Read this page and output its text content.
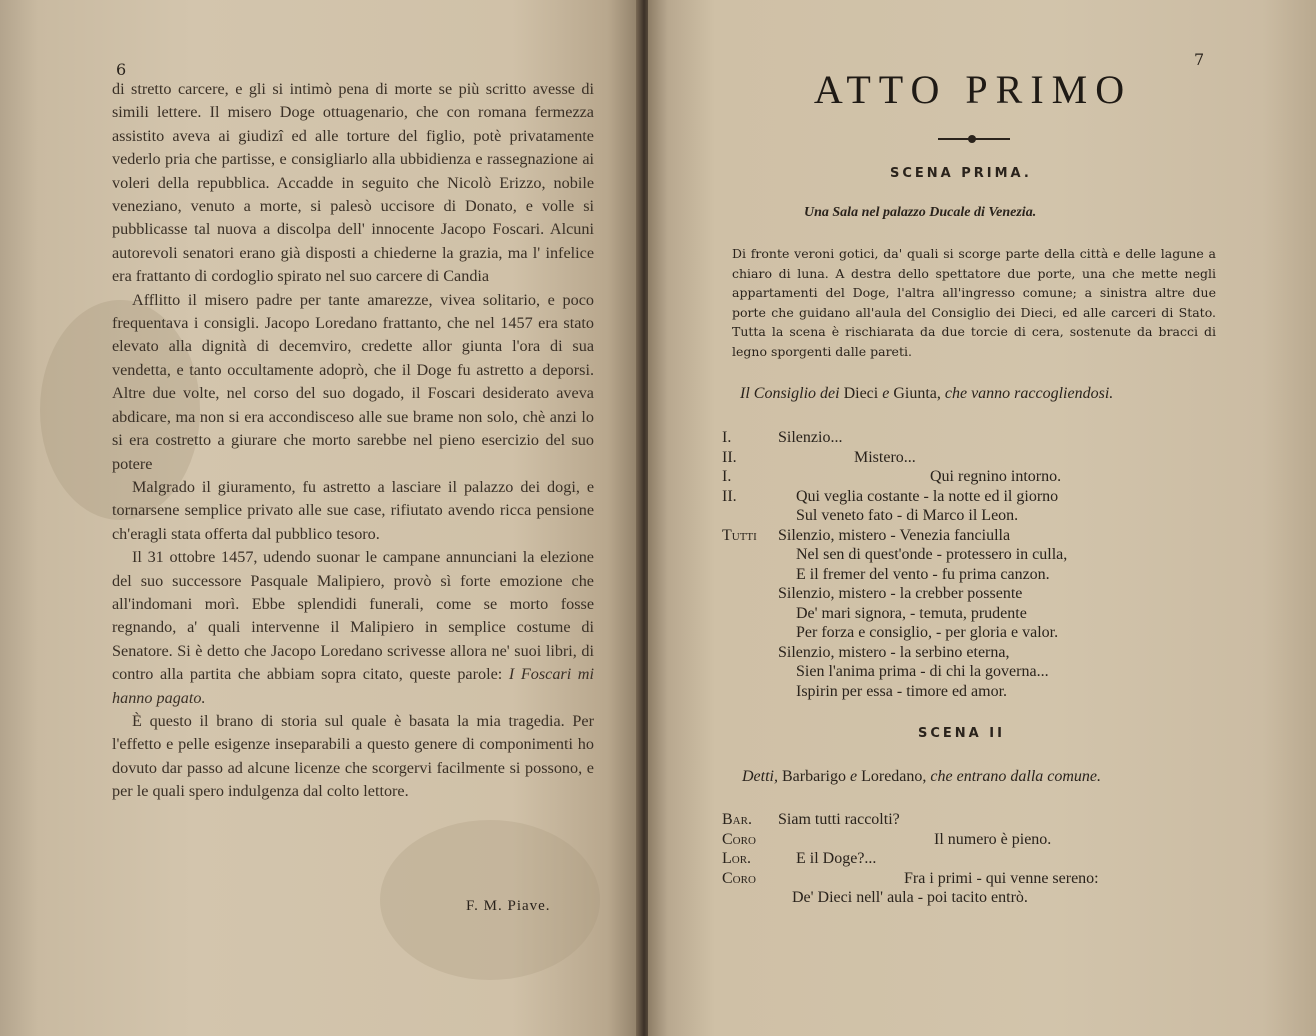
6

di stretto carcere, e gli si intimò pena di morte se più scritto avesse di simili lettere. Il misero Doge ottuagenario, che con romana fermezza assistito aveva ai giudizî ed alle torture del figlio, potè privatamente vederlo pria che partisse, e consigliarlo alla ubbidienza e rassegnazione ai voleri della repubblica. Accadde in seguito che Nicolò Erizzo, nobile veneziano, venuto a morte, si palesò uccisore di Donato, e volle si pubblicasse tal nuova a discolpa dell' innocente Jacopo Foscari. Alcuni autorevoli senatori erano già disposti a chiederne la grazia, ma l' infelice era frattanto di cordoglio spirato nel suo carcere di Candia

Afflitto il misero padre per tante amarezze, vivea solitario, e poco frequentava i consigli. Jacopo Loredano frattanto, che nel 1457 era stato elevato alla dignità di decemviro, credette allor giunta l'ora di sua vendetta, e tanto occultamente adoprò, che il Doge fu astretto a deporsi. Altre due volte, nel corso del suo dogado, il Foscari desiderato aveva abdicare, ma non si era accondisceso alle sue brame non solo, chè anzi lo si era costretto a giurare che morto sarebbe nel pieno esercizio del suo potere

Malgrado il giuramento, fu astretto a lasciare il palazzo dei dogi, e tornarsene semplice privato alle sue case, rifiutato avendo ricca pensione ch'eragli stata offerta dal pubblico tesoro.

Il 31 ottobre 1457, udendo suonar le campane annunciani la elezione del suo successore Pasquale Malipiero, provò sì forte emozione che all'indomani morì. Ebbe splendidi funerali, come se morto fosse regnando, a' quali intervenne il Malipiero in semplice costume di Senatore. Si è detto che Jacopo Loredano scrivesse allora ne' suoi libri, di contro alla partita che abbiam sopra citato, queste parole: I Foscari mi hanno pagato.

È questo il brano di storia sul quale è basata la mia tragedia. Per l'effetto e pelle esigenze inseparabili a questo genere di componimenti ho dovuto dar passo ad alcune licenze che scorgervi facilmente si possono, e per le quali spero indulgenza dal colto lettore.

F. M. Piave.
7
ATTO PRIMO
SCENA PRIMA.
Una Sala nel palazzo Ducale di Venezia.
Di fronte veroni gotici, da' quali si scorge parte della città e delle lagune a chiaro di luna. A destra dello spettatore due porte, una che mette negli appartamenti del Doge, l'altra all'ingresso comune; a sinistra altre due porte che guidano all'aula del Consiglio dei Dieci, ed alle carceri di Stato. Tutta la scena è rischiarata da due torcie di cera, sostenute da bracci di legno sporgenti dalle pareti.
Il Consiglio dei Dieci e Giunta, che vanno raccogliendosi.
I.	Silenzio...
II.	Mistero...
I.	Qui regnino intorno.
II.	Qui veglia costante - la notte ed il giorno
Sul veneto fato - di Marco il Leon.
Tutti Silenzio, mistero - Venezia fanciulla
Nel sen di quest'onde - protessero in culla,
E il fremer del vento - fu prima canzon.
Silenzio, mistero - la crebber possente
De' mari signora, - temuta, prudente
Per forza e consiglio, - per gloria e valor.
Silenzio, mistero - la serbino eterna,
Sien l'anima prima - di chi la governa...
Ispirin per essa - timore ed amor.
SCENA II
Detti, Barbarigo e Loredano, che entrano dalla comune.
Bar. Siam tutti raccolti?
Coro	Il numero è pieno.
Lor.	E il Doge?...
Coro	Fra i primi - qui venne sereno:
De' Dieci nell' aula - poi tacito entrò.
